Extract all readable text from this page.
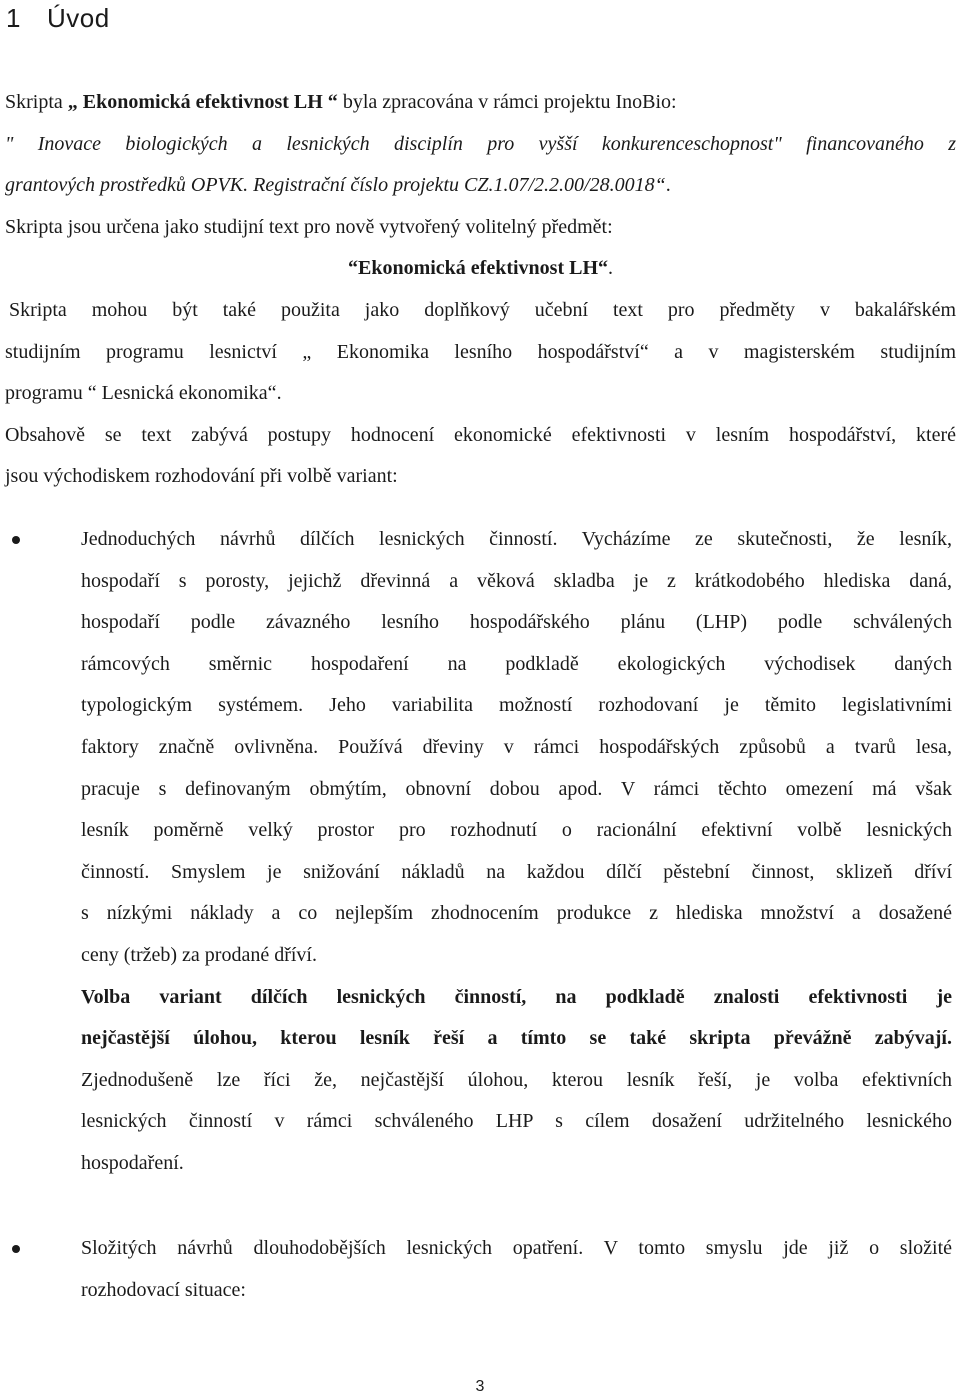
1 Úvod
Skripta „ Ekonomická efektivnost LH “ byla zpracována v rámci projektu InoBio:
" Inovace biologických a lesnických disciplín pro vyšší konkurenceschopnost" financovaného z
grantových prostředků OPVK. Registrační číslo projektu CZ.1.07/2.2.00/28.0018“.
Skripta jsou určena jako studijní text pro nově vytvořený volitelný předmět:
“Ekonomická efektivnost LH“.
Skripta mohou být také použita jako doplňkový učební text pro předměty v bakalářském
studijním programu lesnictví „ Ekonomika lesního hospodářství“ a v magisterském studijním
programu “ Lesnická ekonomika“.
Obsahově se text zabývá postupy hodnocení ekonomické efektivnosti v lesním hospodářství, které
jsou východiskem rozhodování při volbě variant:
Jednoduchých návrhů dílčích lesnických činností. Vycházíme ze skutečnosti, že lesník,
hospodaří s porosty, jejichž dřevinná a věková skladba je z krátkodobého hlediska daná,
hospodaří podle závazného lesního hospodářského plánu (LHP) podle schválených
rámcových směrnic hospodaření na podkladě ekologických východisek daných
typologickým systémem. Jeho variabilita možností rozhodovaní je těmito legislativními
faktory značně ovlivněna. Používá dřeviny v rámci hospodářských způsobů a tvarů lesa,
pracuje s definovaným obmýtím, obnovní dobou apod. V rámci těchto omezení má však
lesník poměrně velký prostor pro rozhodnutí o racionální efektivní volbě lesnických
činností. Smyslem je snižování nákladů na každou dílčí pěstební činnost, sklizeň dříví
s nízkými náklady a co nejlepším zhodnocením produkce z hlediska množství a dosažené
ceny (tržeb) za prodané dříví.
Volba variant dílčích lesnických činností, na podkladě znalosti efektivnosti je
nejčastější úlohou, kterou lesník řeší a tímto se také skripta převážně zabývají.
Zjednodušeně lze říci že, nejčastější úlohou, kterou lesník řeší, je volba efektivních
lesnických činností v rámci schváleného LHP s cílem dosažení udržitelného lesnického
hospodaření.
Složitých návrhů dlouhodobějších lesnických opatření. V tomto smyslu jde již o složité
rozhodovací situace:
3
